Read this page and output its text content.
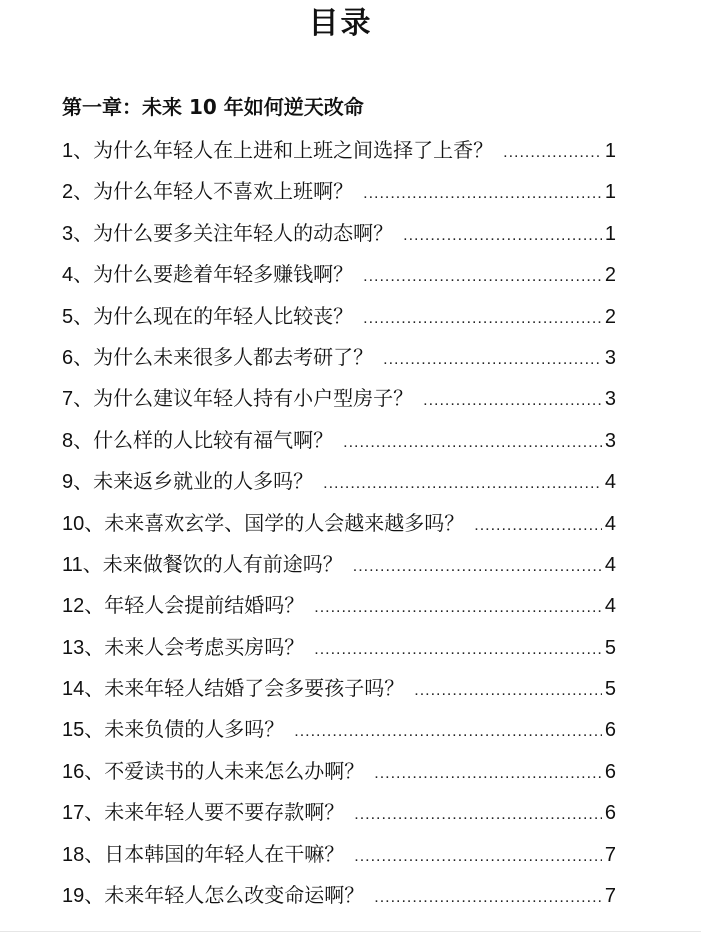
目录
第一章：未来 10 年如何逆天改命
1 、 为什么年轻人在上进和上班之间选择了上香？ .....	1
2 、 为什么年轻人不喜欢上班啊？ .....	1
3 、 为什么要多关注年轻人的动态啊？ .....	1
4 、 为什么要趁着年轻多赚钱啊？ .....	2
5 、 为什么现在的年轻人比较丧？ .....	2
6 、 为什么未来很多人都去考研了？ .....	3
7 、 为什么建议年轻人持有小户型房子？ .....	3
8 、 什么样的人比较有福气啊？ .....	3
9 、 未来返乡就业的人多吗？ .....	4
10 、 未来喜欢玄学、国学的人会越来越多吗？ .....	4
11 、 未来做餐饮的人有前途吗？ .....	4
12 、 年轻人会提前结婚吗？ .....	4
13 、 未来人会考虑买房吗？ .....	5
14 、 未来年轻人结婚了会多要孩子吗？ .....	5
15 、 未来负债的人多吗？ .....	6
16 、 不爱读书的人未来怎么办啊？ .....	6
17 、 未来年轻人要不要存款啊？ .....	6
18 、 日本韩国的年轻人在干嘛？ .....	7
19 、 未来年轻人怎么改变命运啊？ .....	7
